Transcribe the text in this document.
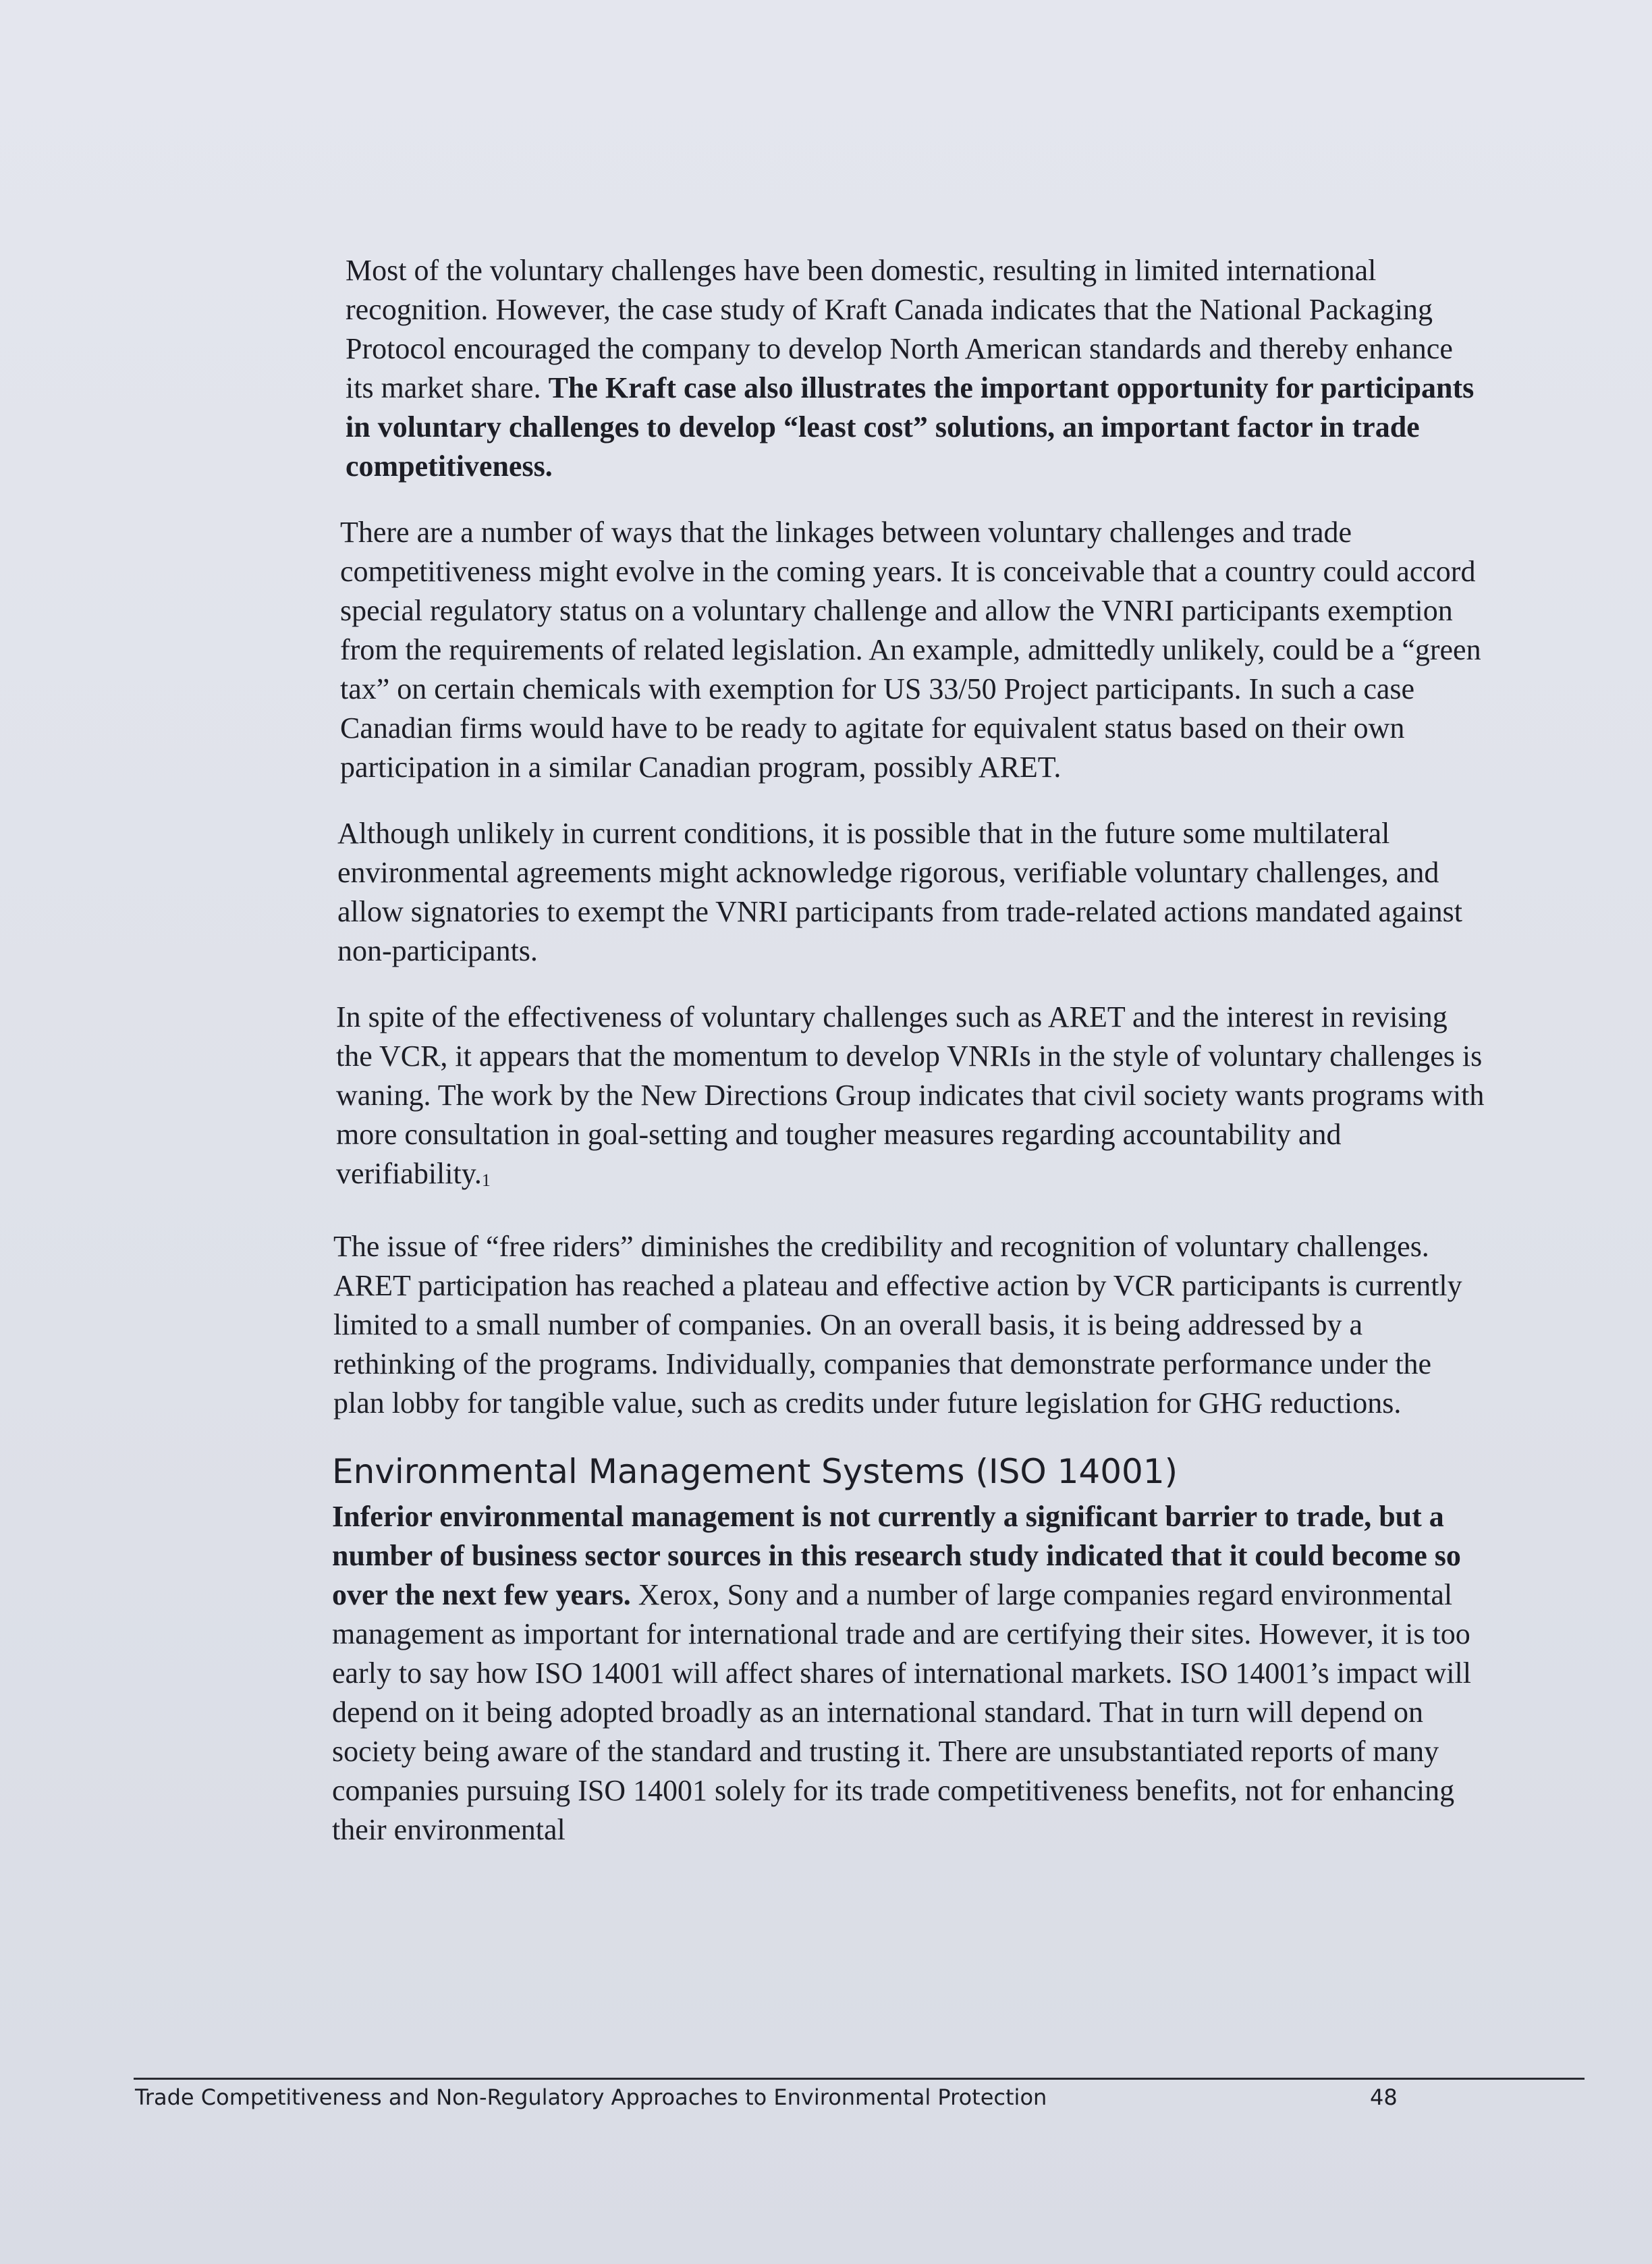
Most of the voluntary challenges have been domestic, resulting in limited international recognition. However, the case study of Kraft Canada indicates that the National Packaging Protocol encouraged the company to develop North American standards and thereby enhance its market share. The Kraft case also illustrates the important opportunity for participants in voluntary challenges to develop “least cost” solutions, an important factor in trade competitiveness.

There are a number of ways that the linkages between voluntary challenges and trade competitiveness might evolve in the coming years. It is conceivable that a country could accord special regulatory status on a voluntary challenge and allow the VNRI participants exemption from the requirements of related legislation. An example, admittedly unlikely, could be a “green tax” on certain chemicals with exemption for US 33/50 Project participants. In such a case Canadian firms would have to be ready to agitate for equivalent status based on their own participation in a similar Canadian program, possibly ARET.

Although unlikely in current conditions, it is possible that in the future some multilateral environmental agreements might acknowledge rigorous, verifiable voluntary challenges, and allow signatories to exempt the VNRI participants from trade-related actions mandated against non-participants.

In spite of the effectiveness of voluntary challenges such as ARET and the interest in revising the VCR, it appears that the momentum to develop VNRIs in the style of voluntary challenges is waning. The work by the New Directions Group indicates that civil society wants programs with more consultation in goal-setting and tougher measures regarding accountability and verifiability.1

The issue of “free riders” diminishes the credibility and recognition of voluntary challenges. ARET participation has reached a plateau and effective action by VCR participants is currently limited to a small number of companies. On an overall basis, it is being addressed by a rethinking of the programs. Individually, companies that demonstrate performance under the plan lobby for tangible value, such as credits under future legislation for GHG reductions.

Environmental Management Systems (ISO 14001)

Inferior environmental management is not currently a significant barrier to trade, but a number of business sector sources in this research study indicated that it could become so over the next few years. Xerox, Sony and a number of large companies regard environmental management as important for international trade and are certifying their sites. However, it is too early to say how ISO 14001 will affect shares of international markets. ISO 14001’s impact will depend on it being adopted broadly as an international standard. That in turn will depend on society being aware of the standard and trusting it. There are unsubstantiated reports of many companies pursuing ISO 14001 solely for its trade competitiveness benefits, not for enhancing their environmental

Trade Competitiveness and Non-Regulatory Approaches to Environmental Protection	48
